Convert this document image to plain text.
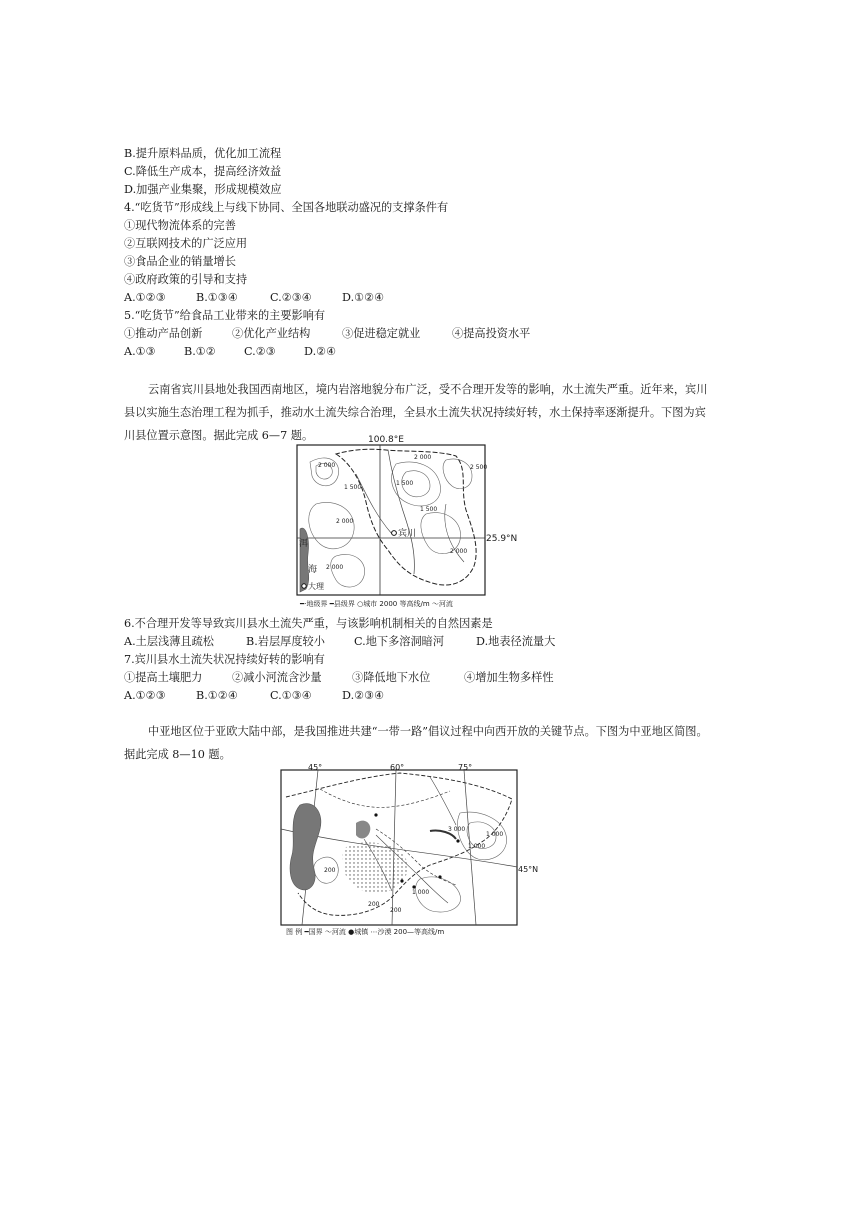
B.提升原料品质，优化加工流程
C.降低生产成本，提高经济效益
D.加强产业集聚，形成规模效应
4.“吃货节”形成线上与线下协同、全国各地联动盛况的支撑条件有
①现代物流体系的完善
②互联网技术的广泛应用
③食品企业的销量增长
④政府政策的引导和支持
A.①②③	B.①③④	C.②③④	D.①②④
5.“吃货节”给食品工业带来的主要影响有
①推动产品创新	②优化产业结构	③促进稳定就业	④提高投资水平
A.①③	B.①②	C.②③	D.②④
云南省宾川县地处我国西南地区，境内岩溶地貌分布广泛，受不合理开发等的影响，水土流失严重。近年来，宾川县以实施生态治理工程为抓手，推动水土流失综合治理，全县水土流失状况持续好转，水土保持率逐渐提升。下图为宾川县位置示意图。据此完成 6—7 题。	100.8°E
25.9°N
宾川
大理
洱
海
2 000
1 500
2 000
2 500
1 500
2 000
2 000
2 000
1 500
━·地级界 ━县级界 ○城市 2000 等高线/m ～河流
6.不合理开发等导致宾川县水土流失严重，与该影响机制相关的自然因素是
A.土层浅薄且疏松	B.岩层厚度较小	C.地下多溶洞暗河	D.地表径流量大
7.宾川县水土流失状况持续好转的影响有
①提高土壤肥力	②减小河流含沙量	③降低地下水位	④增加生物多样性
A.①②③	B.①②④	C.①③④	D.②③④
中亚地区位于亚欧大陆中部，是我国推进共建“一带一路”倡议过程中向西开放的关键节点。下图为中亚地区简图。据此完成 8—10 题。
45°	60°	75°
45°N
3 000
1 000
1 000
200
200
1 000
200
图 例 ━国界 ～河流 ●城镇 ⋯沙漠 200—等高线/m
